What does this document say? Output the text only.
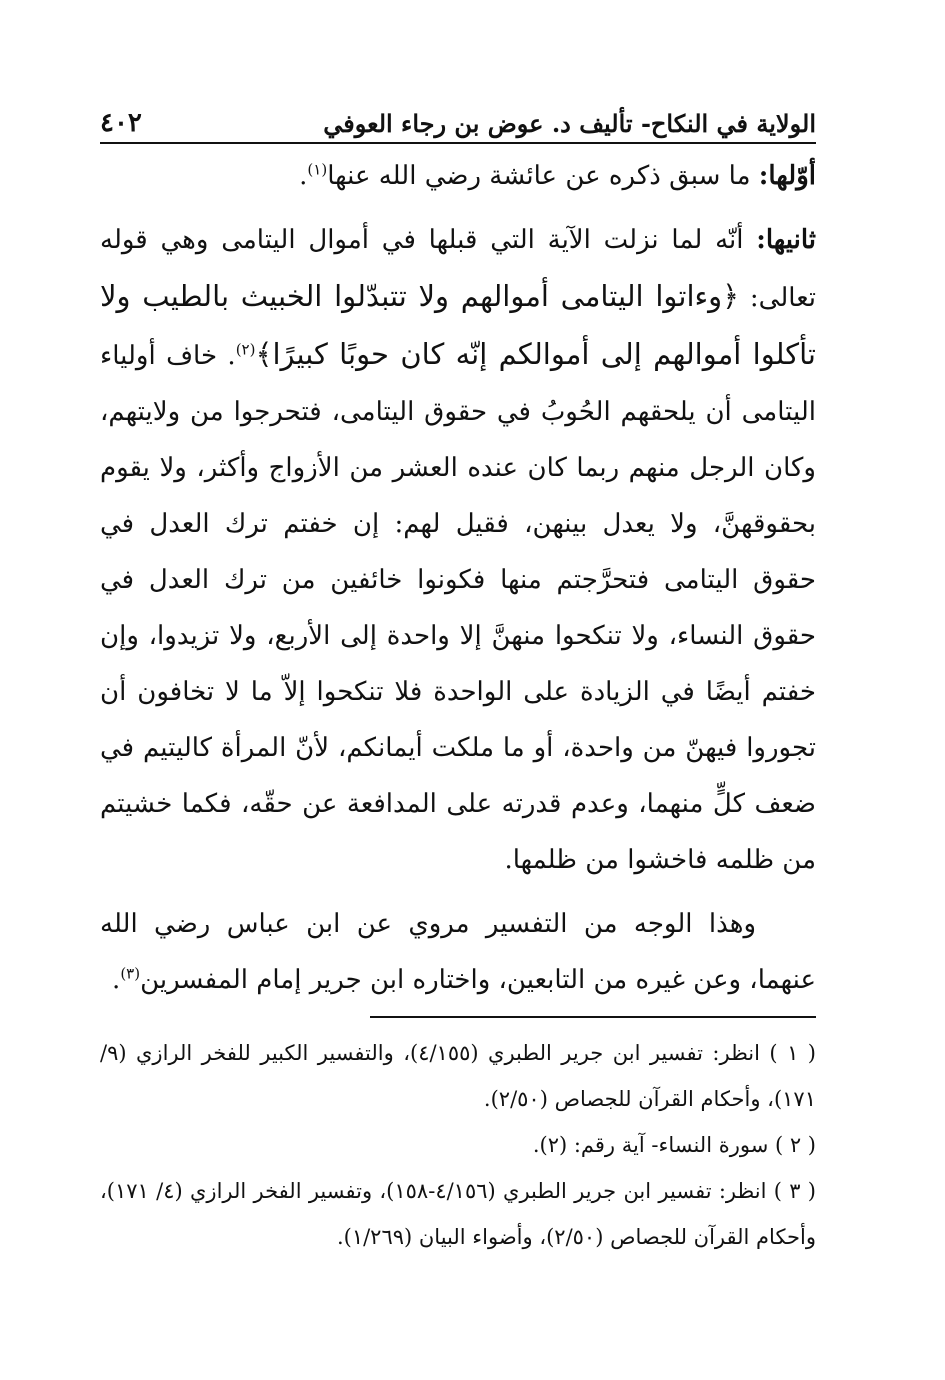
الولاية في النكاح- تأليف د. عوض بن رجاء العوفي
٤٠٢

أوّلها: ما سبق ذكره عن عائشة رضي الله عنها$^{(١)}$.

ثانيها: أنّه لما نزلت الآية التي قبلها في أموال اليتامى وهي قوله تعالى: ﴿وءاتوا اليتامى أموالهم ولا تتبدّلوا الخبيث بالطيب ولا تأكلوا أموالهم إلى أموالكم إنّه كان حوبًا كبيرًا﴾$^{(٢)}$. خاف أولياء اليتامى أن يلحقهم الحُوبُ في حقوق اليتامى، فتحرجوا من ولايتهم، وكان الرجل منهم ربما كان عنده العشر من الأزواج وأكثر، ولا يقوم بحقوقهنَّ، ولا يعدل بينهن، فقيل لهم: إن خفتم ترك العدل في حقوق اليتامى فتحرَّجتم منها فكونوا خائفين من ترك العدل في حقوق النساء، ولا تنكحوا منهنَّ إلا واحدة إلى الأربع، ولا تزيدوا، وإن خفتم أيضًا في الزيادة على الواحدة فلا تنكحوا إلاّ ما لا تخافون أن تجوروا فيهنّ من واحدة، أو ما ملكت أيمانكم، لأنّ المرأة كاليتيم في ضعف كلٍّ منهما، وعدم قدرته على المدافعة عن حقّه، فكما خشيتم من ظلمه فاخشوا من ظلمها.

وهذا الوجه من التفسير مروي عن ابن عباس رضي الله عنهما، وعن غيره من التابعين، واختاره ابن جرير إمام المفسرين$^{(٣)}$.

( ١ ) انظر: تفسير ابن جرير الطبري (٤/١٥٥)، والتفسير الكبير للفخر الرازي (٩/ ١٧١)، وأحكام القرآن للجصاص (٢/٥٠).

( ٢ ) سورة النساء- آية رقم: (٢).

( ٣ ) انظر: تفسير ابن جرير الطبري (٤/١٥٦-١٥٨)، وتفسير الفخر الرازي (٤/ ١٧١)، وأحكام القرآن للجصاص (٢/٥٠)، وأضواء البيان (١/٢٦٩).
